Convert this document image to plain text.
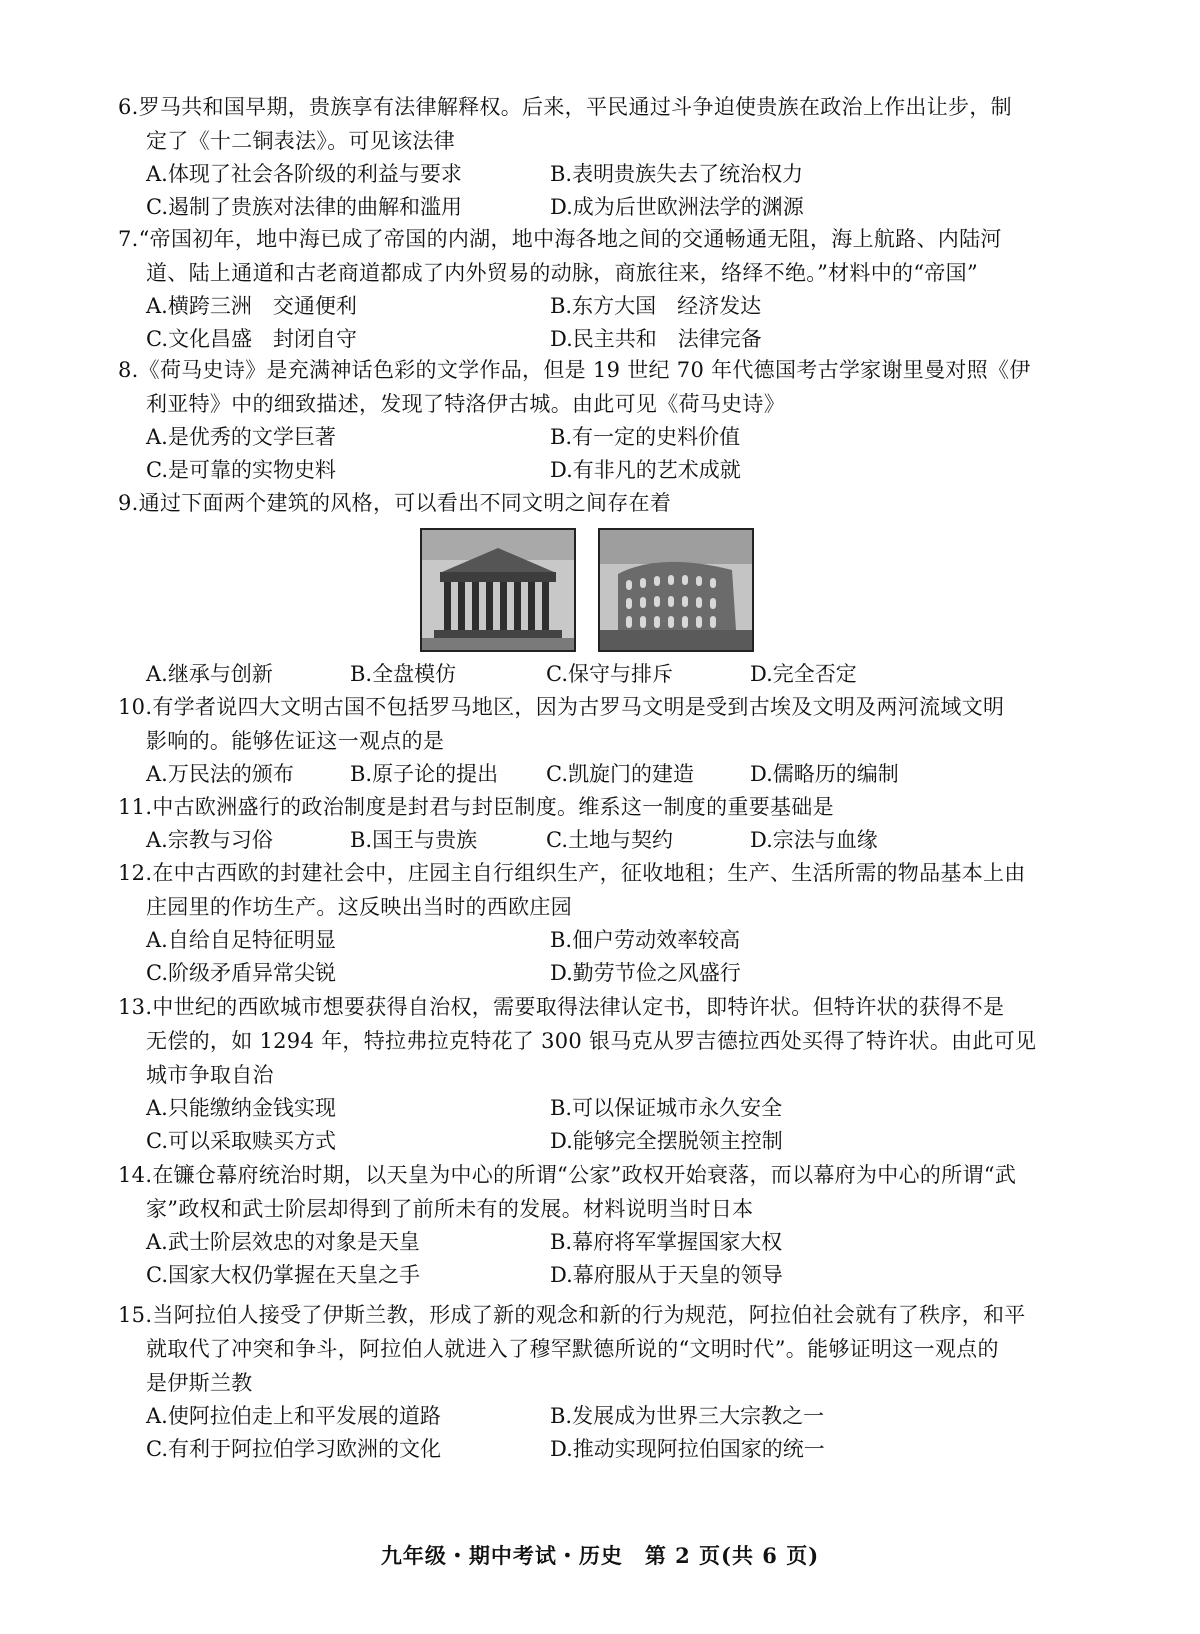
6.罗马共和国早期，贵族享有法律解释权。后来，平民通过斗争迫使贵族在政治上作出让步，制
定了《十二铜表法》。可见该法律
A.体现了社会各阶级的利益与要求	B.表明贵族失去了统治权力
C.遏制了贵族对法律的曲解和滥用	D.成为后世欧洲法学的渊源
7.“帝国初年，地中海已成了帝国的内湖，地中海各地之间的交通畅通无阻，海上航路、内陆河
道、陆上通道和古老商道都成了内外贸易的动脉，商旅往来，络绎不绝。”材料中的“帝国”
A.横跨三洲　交通便利	B.东方大国　经济发达
C.文化昌盛　封闭自守	D.民主共和　法律完备
8.《荷马史诗》是充满神话色彩的文学作品，但是 19 世纪 70 年代德国考古学家谢里曼对照《伊
利亚特》中的细致描述，发现了特洛伊古城。由此可见《荷马史诗》
A.是优秀的文学巨著	B.有一定的史料价值
C.是可靠的实物史料	D.有非凡的艺术成就
9.通过下面两个建筑的风格，可以看出不同文明之间存在着
A.继承与创新	B.全盘模仿	C.保守与排斥	D.完全否定
10.有学者说四大文明古国不包括罗马地区，因为古罗马文明是受到古埃及文明及两河流域文明
影响的。能够佐证这一观点的是
A.万民法的颁布	B.原子论的提出	C.凯旋门的建造	D.儒略历的编制
11.中古欧洲盛行的政治制度是封君与封臣制度。维系这一制度的重要基础是
A.宗教与习俗	B.国王与贵族	C.土地与契约	D.宗法与血缘
12.在中古西欧的封建社会中，庄园主自行组织生产，征收地租；生产、生活所需的物品基本上由
庄园里的作坊生产。这反映出当时的西欧庄园
A.自给自足特征明显	B.佃户劳动效率较高
C.阶级矛盾异常尖锐	D.勤劳节俭之风盛行
13.中世纪的西欧城市想要获得自治权，需要取得法律认定书，即特许状。但特许状的获得不是
无偿的，如 1294 年，特拉弗拉克特花了 300 银马克从罗吉德拉西处买得了特许状。由此可见
城市争取自治
A.只能缴纳金钱实现	B.可以保证城市永久安全
C.可以采取赎买方式	D.能够完全摆脱领主控制
14.在镰仓幕府统治时期，以天皇为中心的所谓“公家”政权开始衰落，而以幕府为中心的所谓“武
家”政权和武士阶层却得到了前所未有的发展。材料说明当时日本
A.武士阶层效忠的对象是天皇	B.幕府将军掌握国家大权
C.国家大权仍掌握在天皇之手	D.幕府服从于天皇的领导
15.当阿拉伯人接受了伊斯兰教，形成了新的观念和新的行为规范，阿拉伯社会就有了秩序，和平
就取代了冲突和争斗，阿拉伯人就进入了穆罕默德所说的“文明时代”。能够证明这一观点的
是伊斯兰教
A.使阿拉伯走上和平发展的道路	B.发展成为世界三大宗教之一
C.有利于阿拉伯学习欧洲的文化	D.推动实现阿拉伯国家的统一
九年级・期中考试・历史　第 2 页(共 6 页)
